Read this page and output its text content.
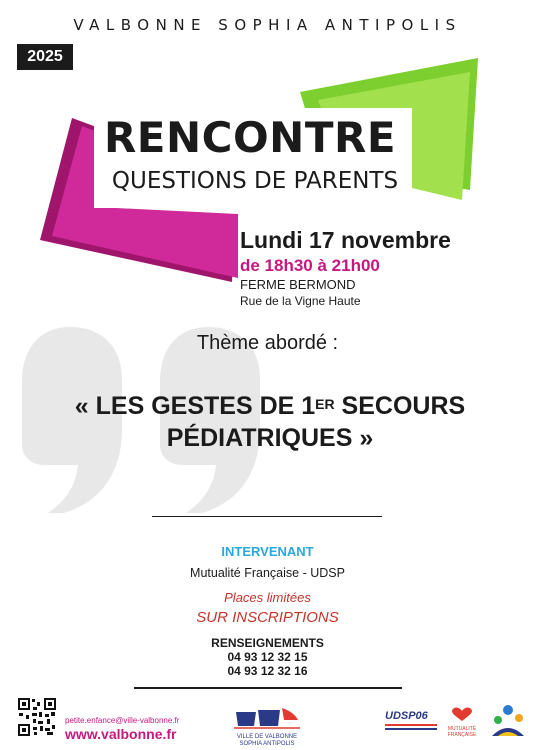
VALBONNE SOPHIA ANTIPOLIS
2025
RENCONTRE
QUESTIONS DE PARENTS
Lundi 17 novembre
de 18h30 à 21h00
FERME BERMOND
Rue de la Vigne Haute
Thème abordé :
« LES GESTES DE 1ER SECOURS
PÉDIATRIQUES »
INTERVENANT
Mutualité Française - UDSP
Places limitées
SUR INSCRIPTIONS
RENSEIGNEMENTS
04 93 12 32 15
04 93 12 32 16
petite.enfance@ville-valbonne.fr
www.valbonne.fr	VILLE DE VALBONNE
SOPHIA ANTIPOLIS
UDSP06
MUTUALITÉ FRANÇAISE
